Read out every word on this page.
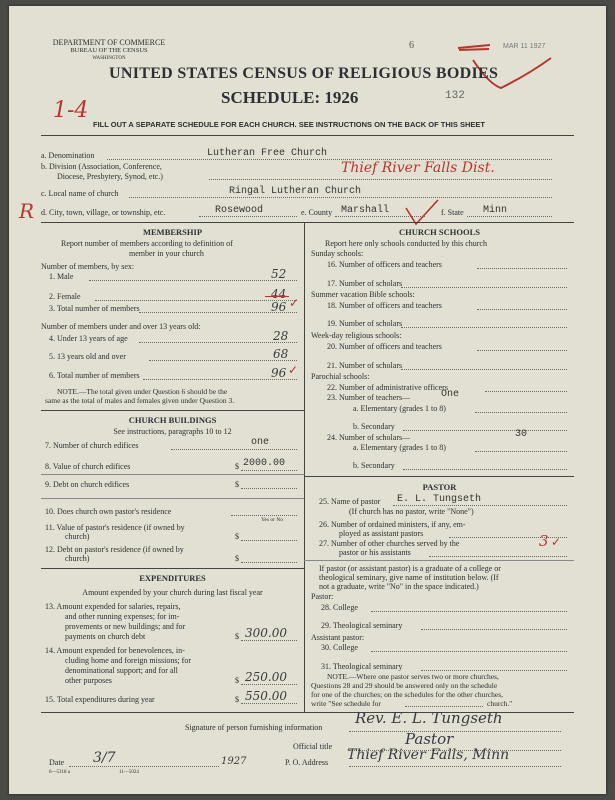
DEPARTMENT OF COMMERCE
BUREAU OF THE CENSUS
WASHINGTON
6	MAR 11 1927
UNITED STATES CENSUS OF RELIGIOUS BODIES
1-4
SCHEDULE: 1926	132
FILL OUT A SEPARATE SCHEDULE FOR EACH CHURCH. SEE INSTRUCTIONS ON THE BACK OF THIS SHEET
a. Denomination	Lutheran Free Church
b. Division (Association, Conference,
Diocese, Presbytery, Synod, etc.)
Thief River Falls Dist.
c. Local name of church	Ringal Lutheran Church
R d. City, town, village, or township, etc.	Rosewood	e. County Marshall	f. State Minn
MEMBERSHIP
Report number of members according to definition of
member in your church
Number of members, by sex:
1. Male	52
2. Female	44
3. Total number of members	96 ✓
Number of members under and over 13 years old:
4. Under 13 years of age	28
5. 13 years old and over	68
6. Total number of members	96 ✓
NOTE.—The total given under Question 6 should be the
same as the total of males and females given under Question 3.
CHURCH BUILDINGS
See instructions, paragraphs 10 to 12
7. Number of church edifices	one
8. Value of church edifices	$ 2000.00
9. Debt on church edifices	$
10. Does church own pastor's residence
Yes or No
11. Value of pastor's residence (if owned by
church)	$
12. Debt on pastor's residence (if owned by
church)	$
EXPENDITURES
Amount expended by your church during last fiscal year
13. Amount expended for salaries, repairs,
and other running expenses; for im-
provements or new buildings; and for
payments on church debt	$ 300.00
14. Amount expended for benevolences, in-
cluding home and foreign missions; for
denominational support; and for all
other purposes	$ 250.00
15. Total expenditures during year	$ 550.00
CHURCH SCHOOLS
Report here only schools conducted by this church
Sunday schools:
16. Number of officers and teachers
17. Number of scholars
Summer vacation Bible schools:
18. Number of officers and teachers
19. Number of scholars
Week-day religious schools:
20. Number of officers and teachers
21. Number of scholars
Parochial schools:
22. Number of administrative officers
23. Number of teachers—	One
a. Elementary (grades 1 to 8)
b. Secondary
24. Number of scholars—	30
a. Elementary (grades 1 to 8)
b. Secondary
PASTOR
25. Name of pastor E. L. Tungseth
(If church has no pastor, write "None")
26. Number of ordained ministers, if any, em-
ployed as assistant pastors
27. Number of other churches served by the
pastor or his assistants
3 ✓
If pastor (or assistant pastor) is a graduate of a college or
theological seminary, give name of institution below. (If
not a graduate, write "No" in the space indicated.)
Pastor:
28. College
29. Theological seminary
Assistant pastor:
30. College
31. Theological seminary
NOTE.—Where one pastor serves two or more churches,
Questions 28 and 29 should be answered only on the schedule
for one of the churches; on the schedules for the other churches,
write "See schedule for	church."
Signature of person furnishing information
Rev. E. L. Tungseth
Official title	Pastor
Date 3/7	1927	P. O. Address Thief River Falls, Minn
6—5318 a	11—5024
